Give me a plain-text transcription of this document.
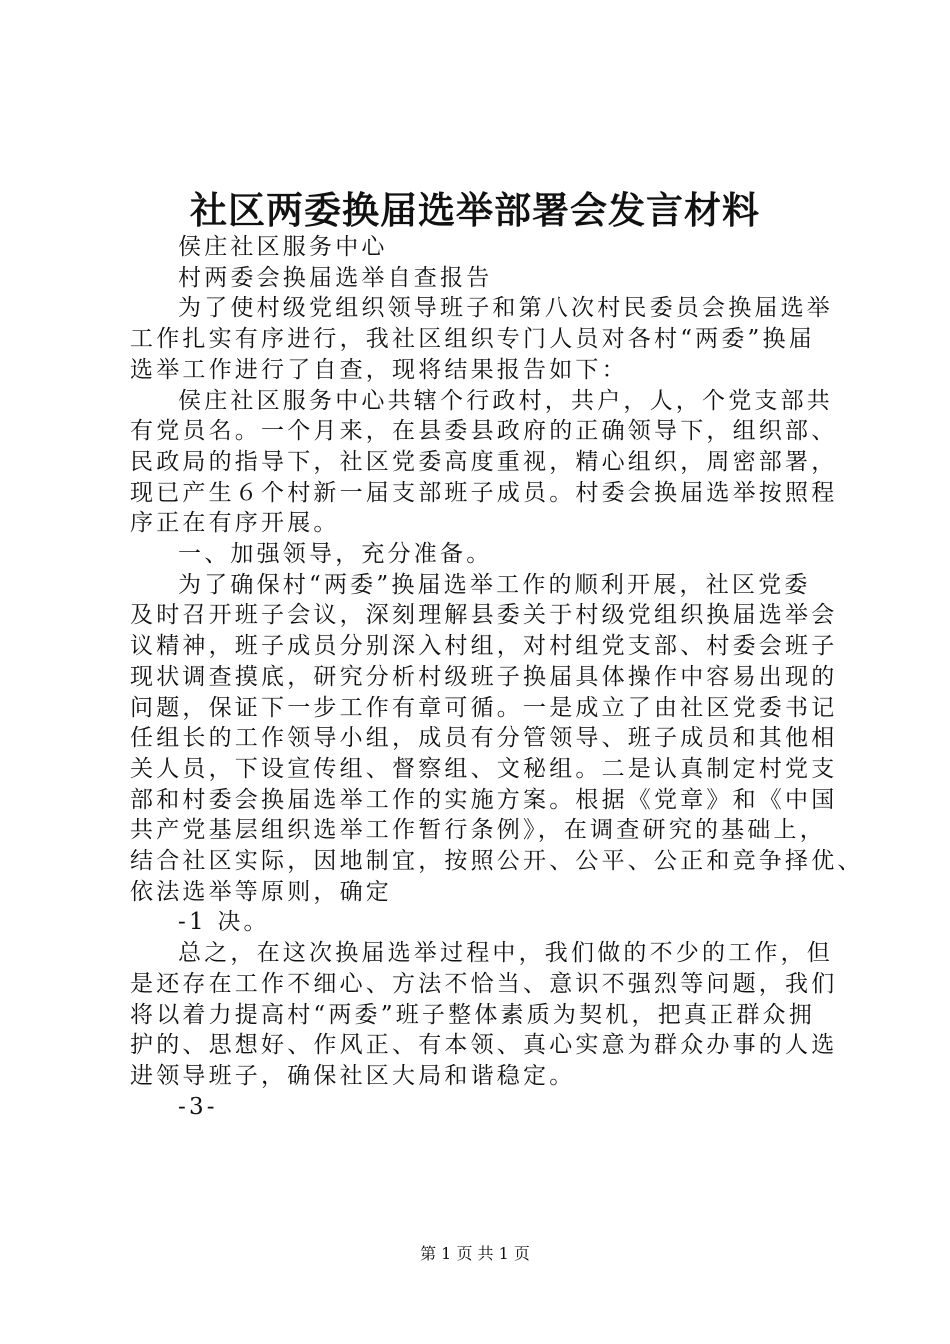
社区两委换届选举部署会发言材料
侯庄社区服务中心
村两委会换届选举自查报告
为了使村级党组织领导班子和第八次村民委员会换届选举
工作扎实有序进行，我社区组织专门人员对各村“两委”换届
选举工作进行了自查，现将结果报告如下：
侯庄社区服务中心共辖个行政村，共户，人，个党支部共
有党员名。一个月来，在县委县政府的正确领导下，组织部、
民政局的指导下，社区党委高度重视，精心组织，周密部署，
现已产生６个村新一届支部班子成员。村委会换届选举按照程
序正在有序开展。
一、加强领导，充分准备。
为了确保村“两委”换届选举工作的顺利开展，社区党委
及时召开班子会议，深刻理解县委关于村级党组织换届选举会
议精神，班子成员分别深入村组，对村组党支部、村委会班子
现状调查摸底，研究分析村级班子换届具体操作中容易出现的
问题，保证下一步工作有章可循。一是成立了由社区党委书记
任组长的工作领导小组，成员有分管领导、班子成员和其他相
关人员，下设宣传组、督察组、文秘组。二是认真制定村党支
部和村委会换届选举工作的实施方案。根据《党章》和《中国
共产党基层组织选举工作暂行条例》，在调查研究的基础上，
结合社区实际，因地制宜，按照公开、公平、公正和竞争择优、
依法选举等原则，确定
-1 决。
总之，在这次换届选举过程中，我们做的不少的工作，但
是还存在工作不细心、方法不恰当、意识不强烈等问题，我们
将以着力提高村“两委”班子整体素质为契机，把真正群众拥
护的、思想好、作风正、有本领、真心实意为群众办事的人选
进领导班子，确保社区大局和谐稳定。
-3-
第 1 页 共 1 页
